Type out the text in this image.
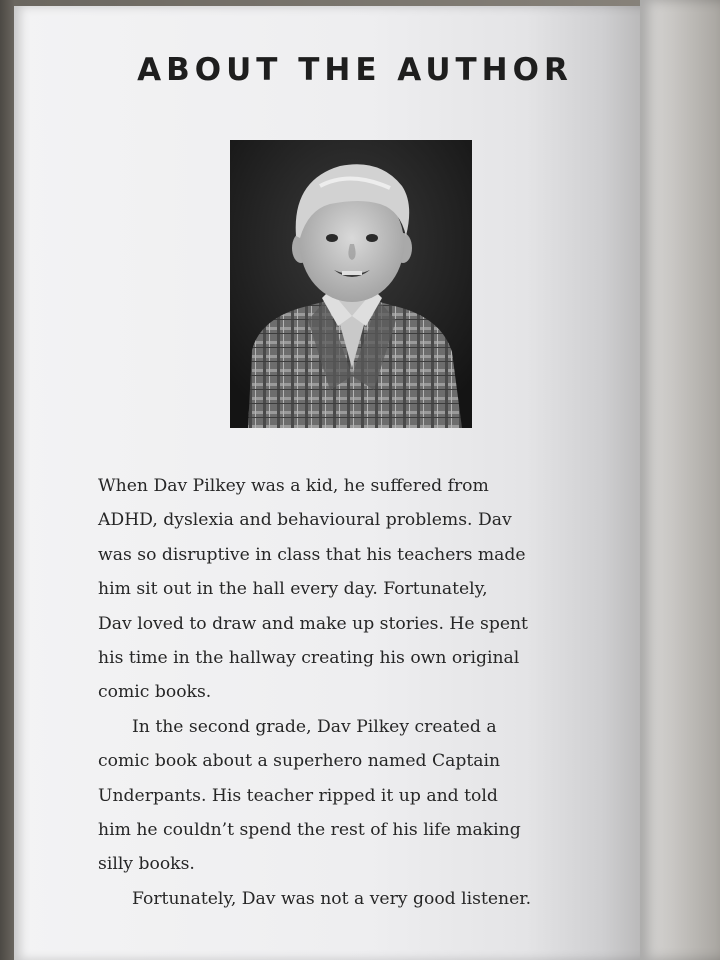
ABOUT THE AUTHOR

When Dav Pilkey was a kid, he suffered from
ADHD, dyslexia and behavioural problems. Dav
was so disruptive in class that his teachers made
him sit out in the hall every day. Fortunately,
Dav loved to draw and make up stories. He spent
his time in the hallway creating his own original
comic books.

In the second grade, Dav Pilkey created a
comic book about a superhero named Captain
Underpants. His teacher ripped it up and told
him he couldn’t spend the rest of his life making
silly books.

Fortunately, Dav was not a very good listener.
